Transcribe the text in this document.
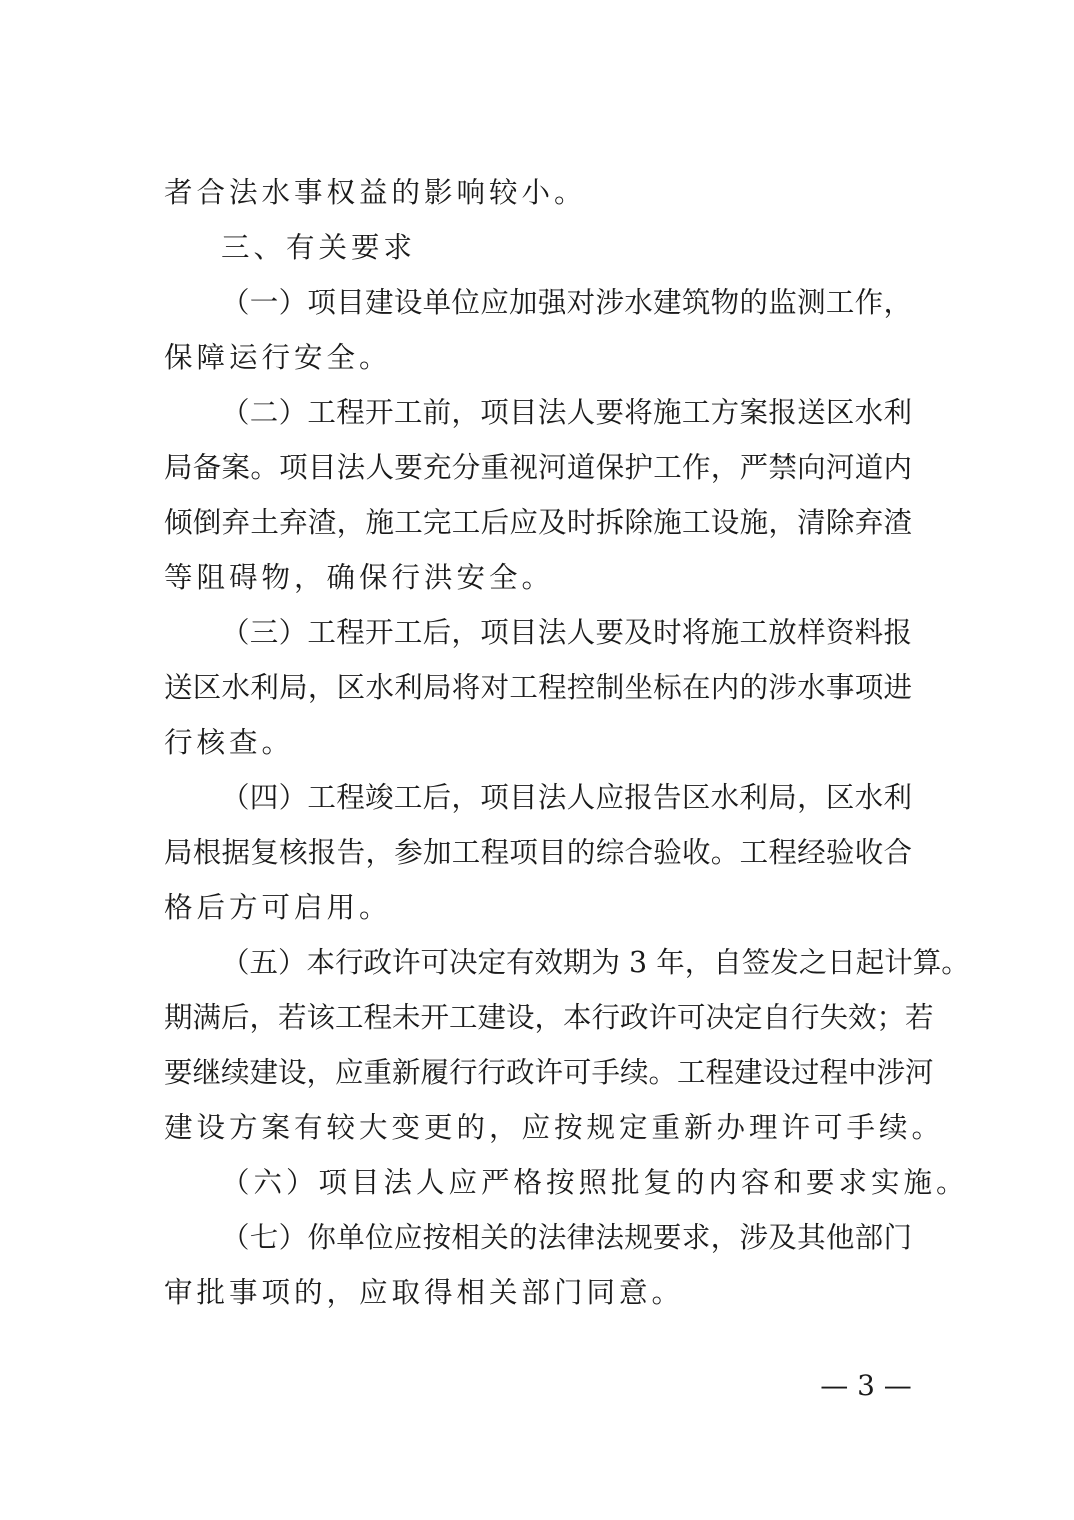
者合法水事权益的影响较小。
三、有关要求
（一）项目建设单位应加强对涉水建筑物的监测工作，
保障运行安全。
（二）工程开工前，项目法人要将施工方案报送区水利
局备案。项目法人要充分重视河道保护工作，严禁向河道内
倾倒弃土弃渣，施工完工后应及时拆除施工设施，清除弃渣
等阻碍物，确保行洪安全。
（三）工程开工后，项目法人要及时将施工放样资料报
送区水利局，区水利局将对工程控制坐标在内的涉水事项进
行核查。
（四）工程竣工后，项目法人应报告区水利局，区水利
局根据复核报告，参加工程项目的综合验收。工程经验收合
格后方可启用。
（五）本行政许可决定有效期为 3 年，自签发之日起计算。
期满后，若该工程未开工建设，本行政许可决定自行失效；若
要继续建设，应重新履行行政许可手续。工程建设过程中涉河
建设方案有较大变更的，应按规定重新办理许可手续。
（六）项目法人应严格按照批复的内容和要求实施。
（七）你单位应按相关的法律法规要求，涉及其他部门
审批事项的，应取得相关部门同意。
— 3 —
